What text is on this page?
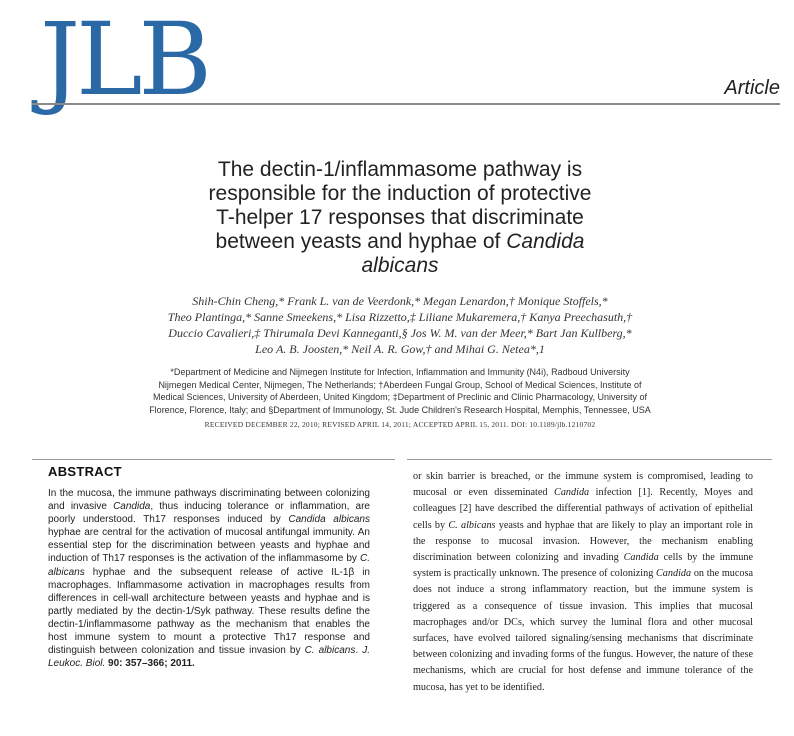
JLB	Article
The dectin-1/inflammasome pathway is
responsible for the induction of protective
T-helper 17 responses that discriminate
between yeasts and hyphae of Candida
albicans
Shih-Chin Cheng,* Frank L. van de Veerdonk,* Megan Lenardon,† Monique Stoffels,*
Theo Plantinga,* Sanne Smeekens,* Lisa Rizzetto,‡ Liliane Mukaremera,† Kanya Preechasuth,†
Duccio Cavalieri,‡ Thirumala Devi Kanneganti,§ Jos W. M. van der Meer,* Bart Jan Kullberg,*
Leo A. B. Joosten,* Neil A. R. Gow,† and Mihai G. Netea*,1
*Department of Medicine and Nijmegen Institute for Infection, Inflammation and Immunity (N4i), Radboud University
Nijmegen Medical Center, Nijmegen, The Netherlands; †Aberdeen Fungal Group, School of Medical Sciences, Institute of
Medical Sciences, University of Aberdeen, United Kingdom; ‡Department of Preclinic and Clinic Pharmacology, University of
Florence, Florence, Italy; and §Department of Immunology, St. Jude Children's Research Hospital, Memphis, Tennessee, USA
RECEIVED DECEMBER 22, 2010; REVISED APRIL 14, 2011; ACCEPTED APRIL 15, 2011. DOI: 10.1189/jlb.1210702
ABSTRACT
In the mucosa, the immune pathways discriminating between colonizing and invasive Candida, thus inducing tolerance or inflammation, are poorly understood. Th17 responses induced by Candida albicans hyphae are central for the activation of mucosal antifungal immunity. An essential step for the discrimination between yeasts and hyphae and induction of Th17 responses is the activation of the inflammasome by C. albicans hyphae and the subsequent release of active IL-1β in macrophages. Inflammasome activation in macrophages results from differences in cell-wall architecture between yeasts and hyphae and is partly mediated by the dectin-1/Syk pathway. These results define the dectin-1/inflammasome pathway as the mechanism that enables the host immune system to mount a protective Th17 response and distinguish between colonization and tissue invasion by C. albicans. J. Leukoc. Biol. 90: 357–366; 2011.
or skin barrier is breached, or the immune system is compromised, leading to mucosal or even disseminated Candida infection [1]. Recently, Moyes and colleagues [2] have described the differential pathways of activation of epithelial cells by C. albicans yeasts and hyphae that are likely to play an important role in the response to mucosal invasion. However, the mechanism enabling discrimination between colonizing and invading Candida cells by the immune system is practically unknown. The presence of colonizing Candida on the mucosa does not induce a strong inflammatory reaction, but the immune system is triggered as a consequence of tissue invasion. This implies that mucosal macrophages and/or DCs, which survey the luminal flora and other mucosal surfaces, have evolved tailored signaling/sensing mechanisms that discriminate between colonizing and invading forms of the fungus. However, the nature of these mechanisms, which are crucial for host defense and immune tolerance of the mucosa, has yet to be identified.
